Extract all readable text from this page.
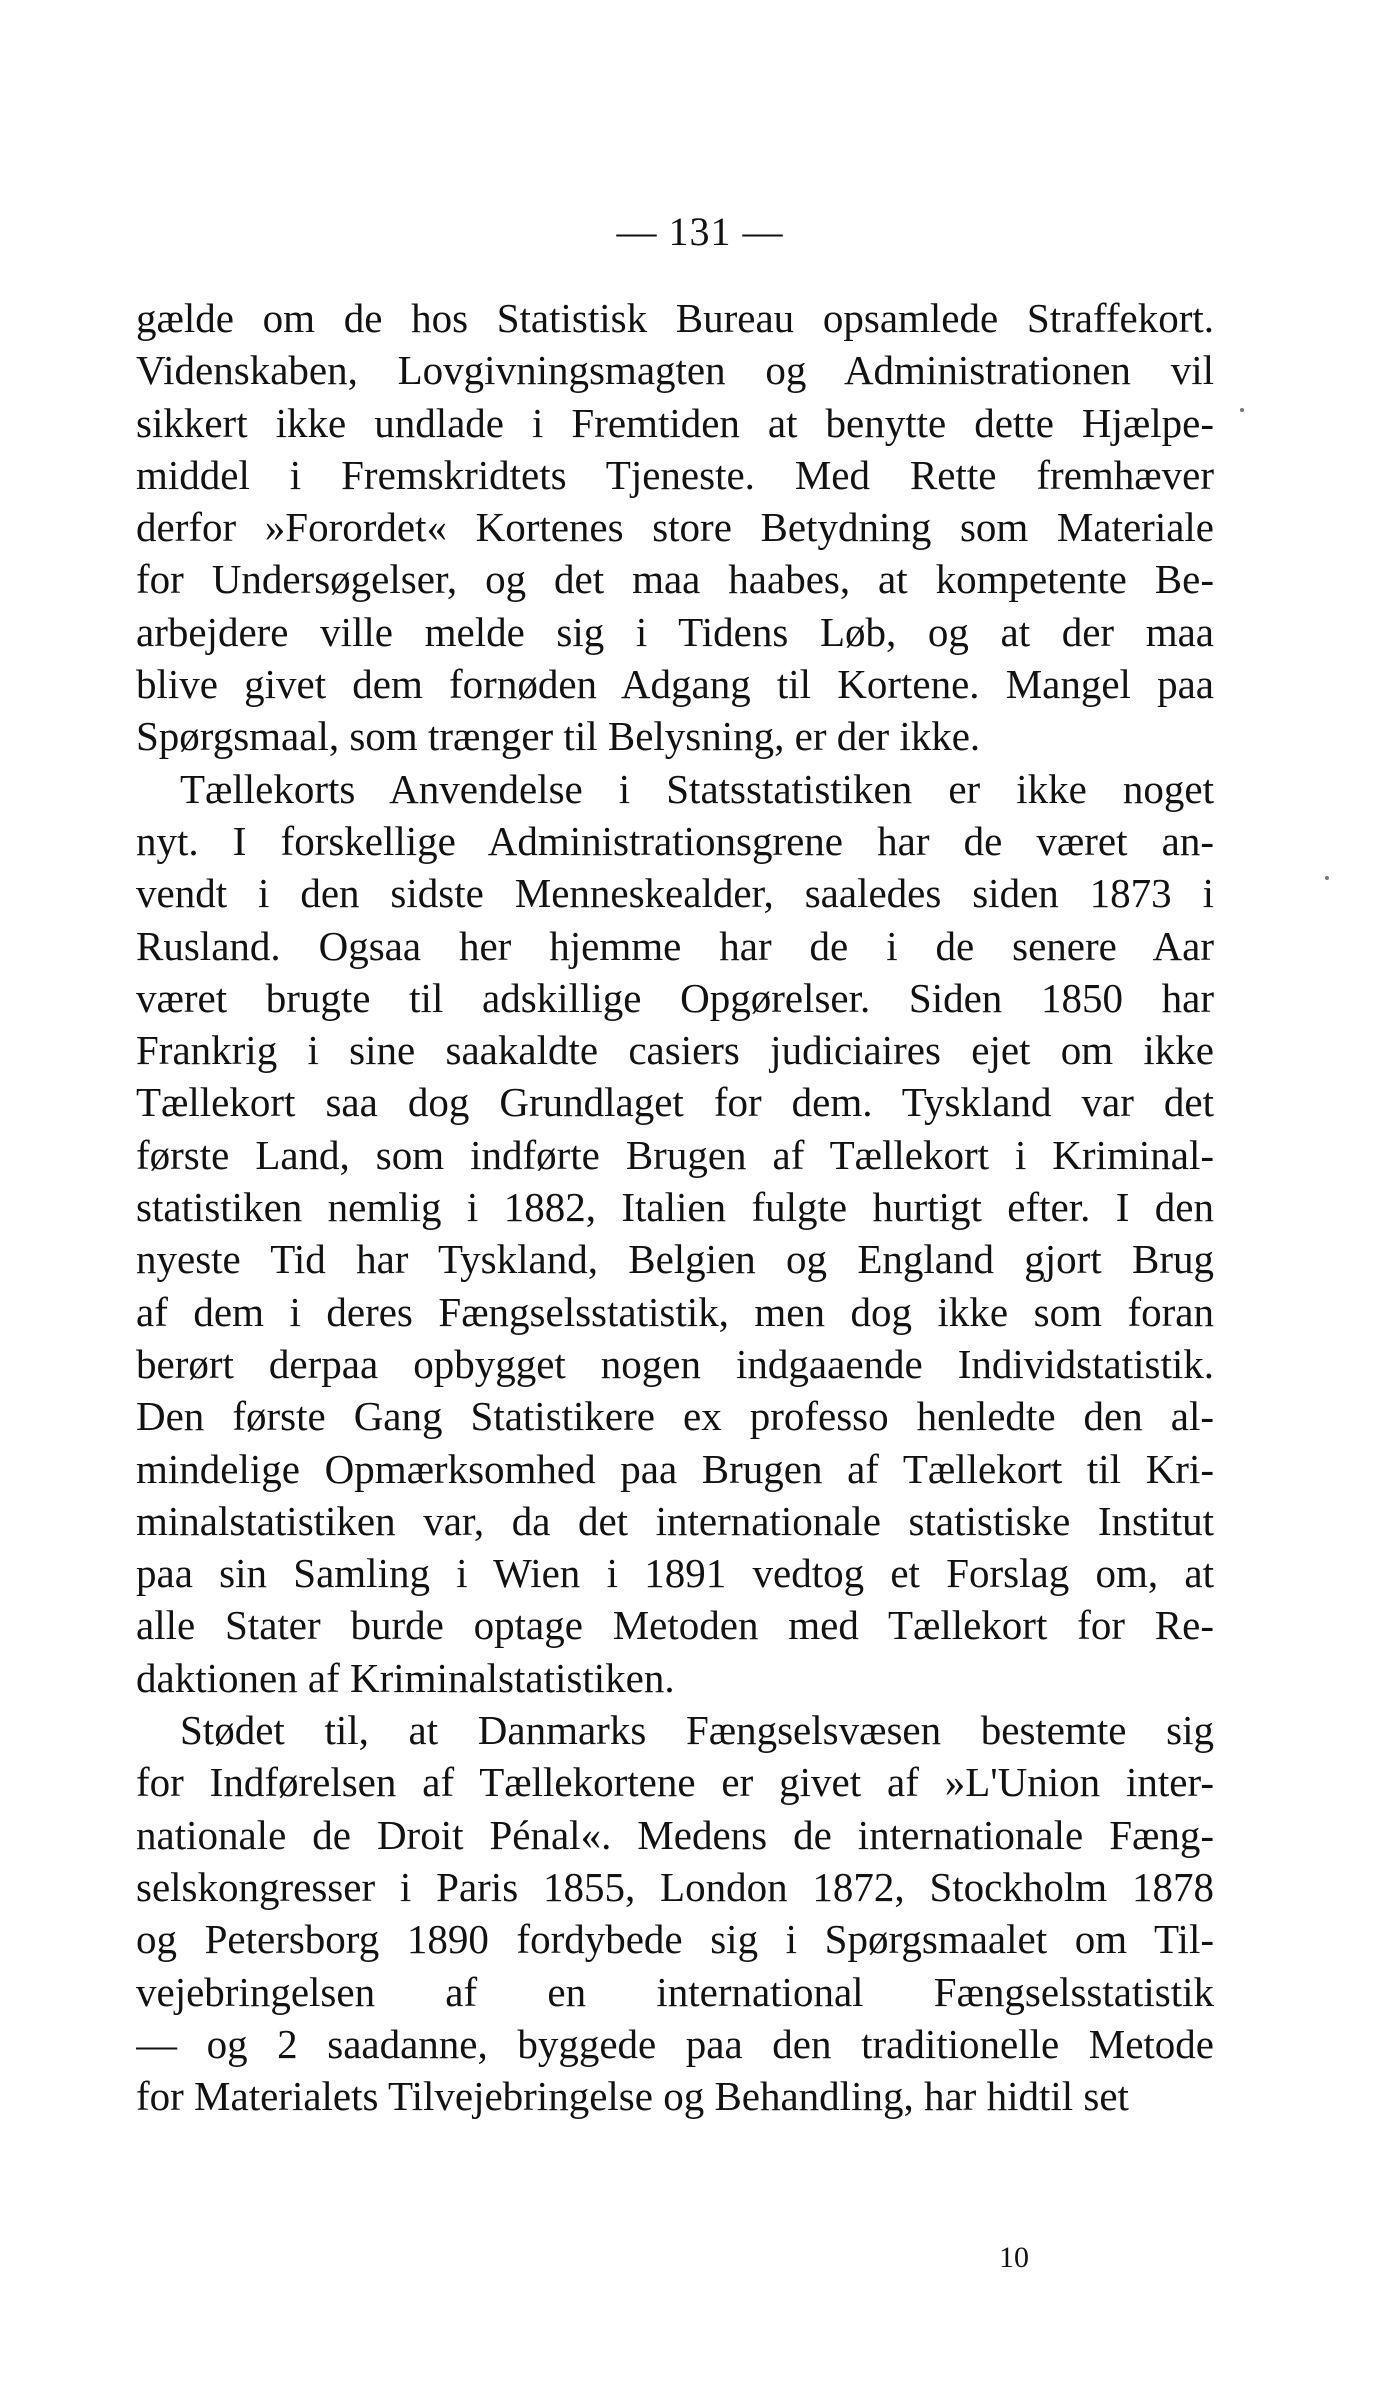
— 131 —
gælde om de hos Statistisk Bureau opsamlede Straffekort.
Videnskaben, Lovgivningsmagten og Administrationen vil
sikkert ikke undlade i Fremtiden at benytte dette Hjælpe-
middel i Fremskridtets Tjeneste. Med Rette fremhæver
derfor »Forordet« Kortenes store Betydning som Materiale
for Undersøgelser, og det maa haabes, at kompetente Be-
arbejdere ville melde sig i Tidens Løb, og at der maa
blive givet dem fornøden Adgang til Kortene. Mangel paa
Spørgsmaal, som trænger til Belysning, er der ikke.
Tællekorts Anvendelse i Statsstatistiken er ikke noget
nyt. I forskellige Administrationsgrene har de været an-
vendt i den sidste Menneskealder, saaledes siden 1873 i
Rusland. Ogsaa her hjemme har de i de senere Aar
været brugte til adskillige Opgørelser. Siden 1850 har
Frankrig i sine saakaldte casiers judiciaires ejet om ikke
Tællekort saa dog Grundlaget for dem. Tyskland var det
første Land, som indførte Brugen af Tællekort i Kriminal-
statistiken nemlig i 1882, Italien fulgte hurtigt efter. I den
nyeste Tid har Tyskland, Belgien og England gjort Brug
af dem i deres Fængselsstatistik, men dog ikke som foran
berørt derpaa opbygget nogen indgaaende Individstatistik.
Den første Gang Statistikere ex professo henledte den al-
mindelige Opmærksomhed paa Brugen af Tællekort til Kri-
minalstatistiken var, da det internationale statistiske Institut
paa sin Samling i Wien i 1891 vedtog et Forslag om, at
alle Stater burde optage Metoden med Tællekort for Re-
daktionen af Kriminalstatistiken.
Stødet til, at Danmarks Fængselsvæsen bestemte sig
for Indførelsen af Tællekortene er givet af »L'Union inter-
nationale de Droit Pénal«. Medens de internationale Fæng-
selskongresser i Paris 1855, London 1872, Stockholm 1878
og Petersborg 1890 fordybede sig i Spørgsmaalet om Til-
vejebringelsen af en international Fængselsstatistik
— og 2 saadanne, byggede paa den traditionelle Metode
for Materialets Tilvejebringelse og Behandling, har hidtil set
10
